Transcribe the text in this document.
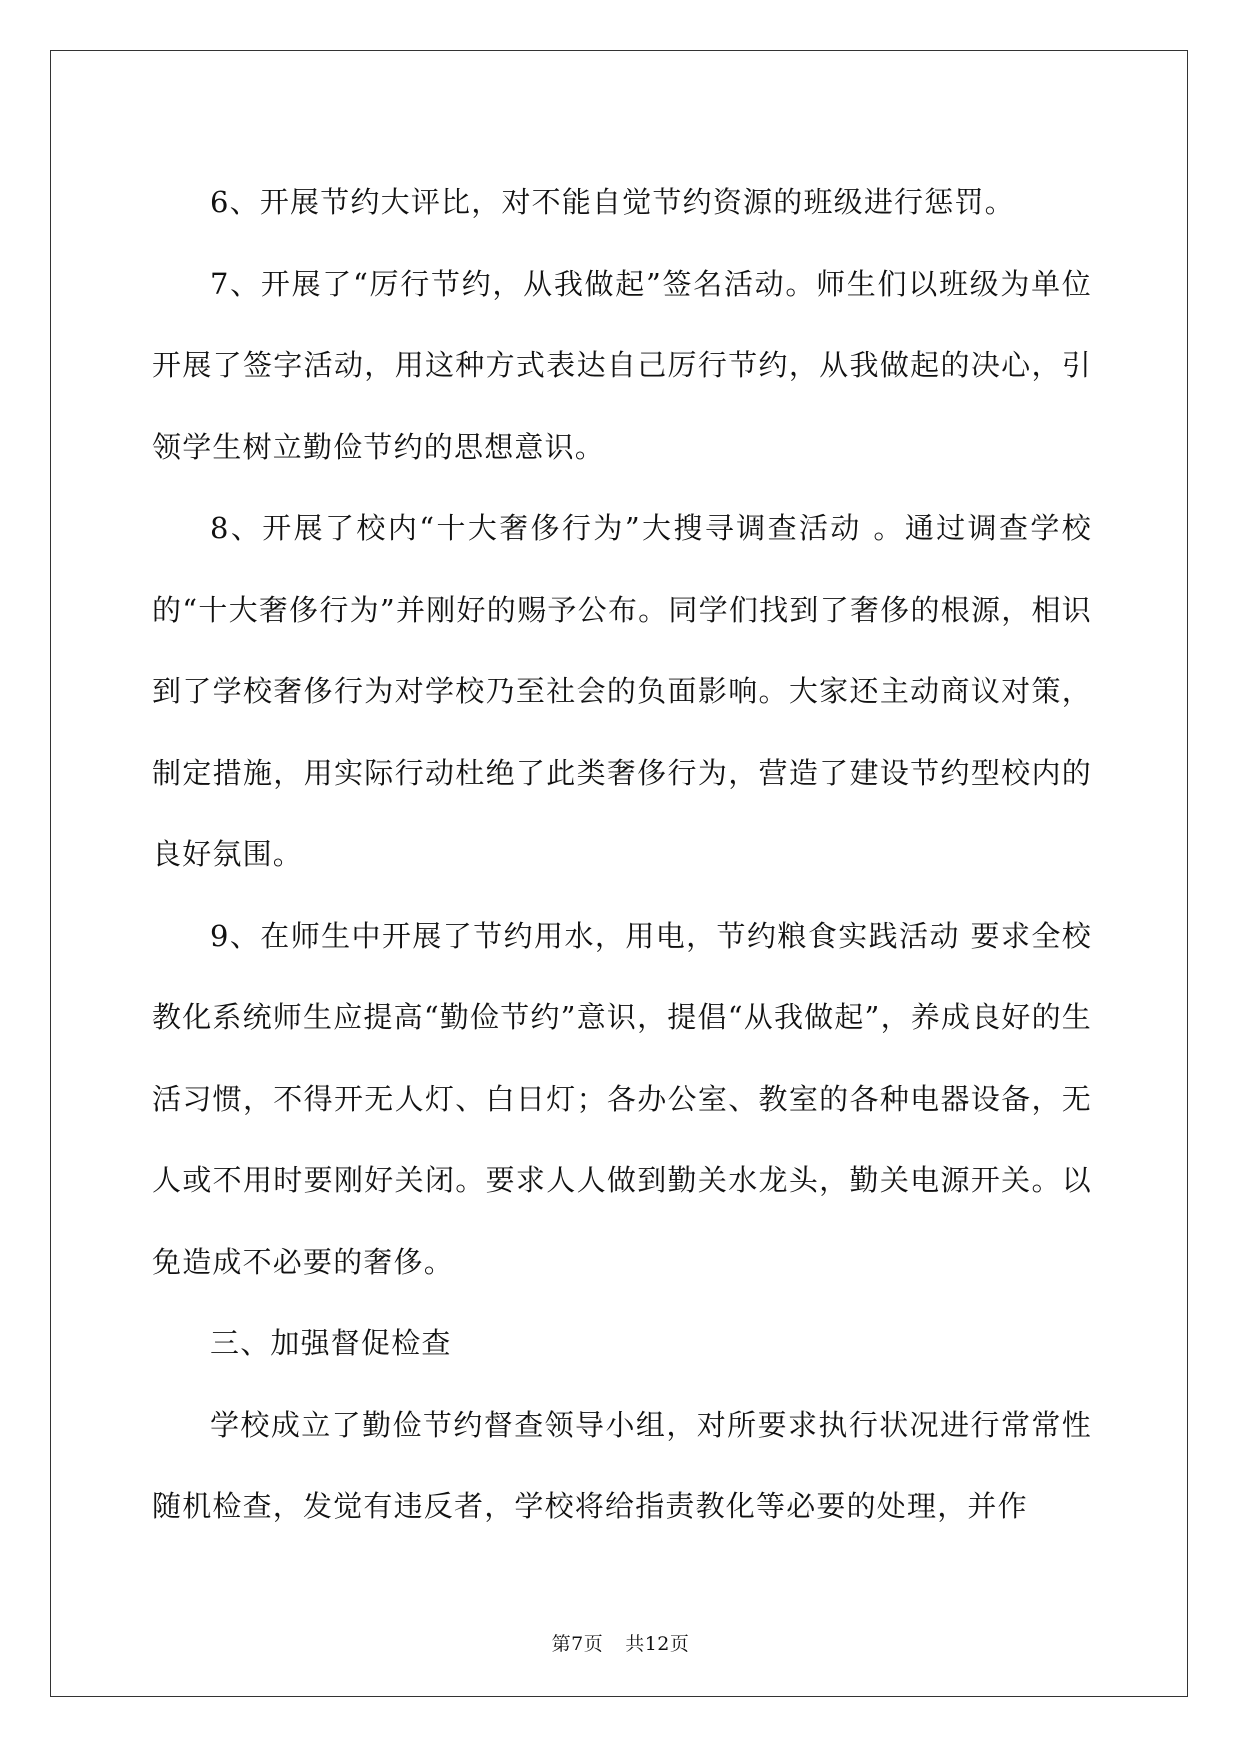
6、开展节约大评比，对不能自觉节约资源的班级进行惩罚。

7、开展了“厉行节约，从我做起”签名活动。师生们以班级为单位开展了签字活动，用这种方式表达自己厉行节约，从我做起的决心，引领学生树立勤俭节约的思想意识。

8、开展了校内“十大奢侈行为”大搜寻调查活动 。通过调查学校的“十大奢侈行为”并刚好的赐予公布。同学们找到了奢侈的根源，相识到了学校奢侈行为对学校乃至社会的负面影响。大家还主动商议对策，制定措施，用实际行动杜绝了此类奢侈行为，营造了建设节约型校内的良好氛围。

9、在师生中开展了节约用水，用电，节约粮食实践活动 要求全校教化系统师生应提高“勤俭节约”意识，提倡“从我做起”，养成良好的生活习惯，不得开无人灯、白日灯；各办公室、教室的各种电器设备，无人或不用时要刚好关闭。要求人人做到勤关水龙头，勤关电源开关。以免造成不必要的奢侈。

三、加强督促检查

学校成立了勤俭节约督查领导小组，对所要求执行状况进行常常性随机检查，发觉有违反者，学校将给指责教化等必要的处理，并作

第7页 共12页
